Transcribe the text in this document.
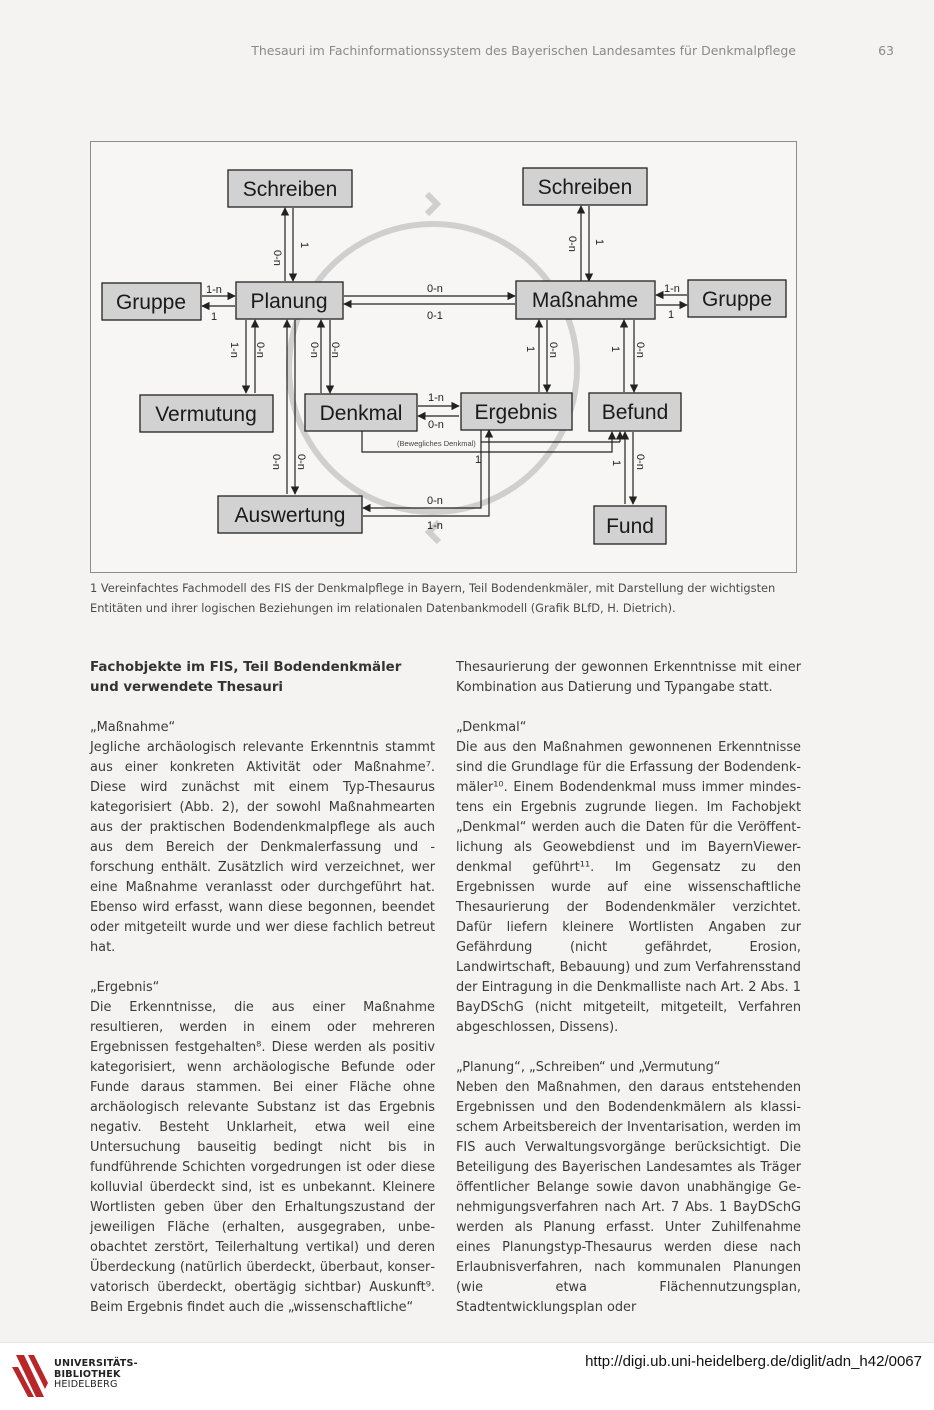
Thesauri im Fachinformationssystem des Bayerischen Landesamtes für Denkmalpflege	63
0-n
1	0-n 1
1-n
1
0-n
0-1
1-n
1
1-n 0-n	0-n 0-n	1 0-n	1 0-n
1-n
0-n
(Bewegliches Denkmal)
1
0-n 0-n
0-n
1-n
1 0-n
Schreiben	Schreiben
Gruppe	Planung	Maßnahme	Gruppe
Vermutung	Denkmal	Ergebnis Befund
Auswertung	Fund
1 Vereinfachtes Fachmodell des FIS der Denkmalpflege in Bayern, Teil Bodendenkmäler, mit Darstellung der wichtigsten
Entitäten und ihrer logischen Beziehungen im relationalen Datenbankmodell (Grafik BLfD, H. Dietrich).
Fachobjekte im FIS, Teil Bodendenkmäler
und verwendete Thesauri

„Maßnahme“

Jegliche archäologisch relevante Erkenntnis stammt aus einer konkreten Aktivität oder Maßnahme⁷. Diese wird zunächst mit einem Typ-Thesaurus kategorisiert (Abb. 2), der sowohl Maßnahmearten aus der praktischen Bodendenkmalpflege als auch aus dem Bereich der Denkmalerfassung und -forschung enthält. Zusätzlich wird verzeichnet, wer eine Maßnahme veranlasst oder durchgeführt hat. Ebenso wird erfasst, wann diese begonnen, beendet oder mitgeteilt wurde und wer diese fachlich betreut hat.

„Ergebnis“

Die Erkenntnisse, die aus einer Maßnahme resultieren, werden in einem oder mehreren Ergebnissen festgehalten⁸. Diese werden als positiv kategorisiert, wenn archäologische Befunde oder Funde daraus stammen. Bei einer Fläche ohne archäologisch relevante Substanz ist das Ergebnis negativ. Besteht Unklarheit, etwa weil eine Untersuchung bauseitig bedingt nicht bis in fundführende Schichten vorgedrungen ist oder diese kolluvial überdeckt sind, ist es unbekannt. Kleinere Wortlisten geben über den Erhaltungszustand der jeweiligen Fläche (erhalten, ausgegraben, unbeobachtet zerstört, Teilerhaltung vertikal) und deren Überdeckung (natürlich überdeckt, überbaut, konservatorisch überdeckt, obertägig sichtbar) Auskunft⁹. Beim Ergebnis findet auch die „wissenschaftliche“

Thesaurierung der gewonnen Erkenntnisse mit einer Kombination aus Datierung und Typangabe statt.

„Denkmal“

Die aus den Maßnahmen gewonnenen Erkenntnisse sind die Grundlage für die Erfassung der Bodendenkmäler¹⁰. Einem Bodendenkmal muss immer mindestens ein Ergebnis zugrunde liegen. Im Fachobjekt „Denkmal“ werden auch die Daten für die Veröffentlichung als Geowebdienst und im BayernViewer-denkmal geführt¹¹. Im Gegensatz zu den Ergebnissen wurde auf eine wissenschaftliche Thesaurierung der Bodendenkmäler verzichtet. Dafür liefern kleinere Wortlisten Angaben zur Gefährdung (nicht gefährdet, Erosion, Landwirtschaft, Bebauung) und zum Verfahrensstand der Eintragung in die Denkmalliste nach Art. 2 Abs. 1 BayDSchG (nicht mitgeteilt, mitgeteilt, Verfahren abgeschlossen, Dissens).

„Planung“, „Schreiben“ und „Vermutung“

Neben den Maßnahmen, den daraus entstehenden Ergebnissen und den Bodendenkmälern als klassischem Arbeitsbereich der Inventarisation, werden im FIS auch Verwaltungsvorgänge berücksichtigt. Die Beteiligung des Bayerischen Landesamtes als Träger öffentlicher Belange sowie davon unabhängige Genehmigungsverfahren nach Art. 7 Abs. 1 BayDSchG werden als Planung erfasst. Unter Zuhilfenahme eines Planungstyp-Thesaurus werden diese nach Erlaubnisverfahren, nach kommunalen Planungen (wie etwa Flächennutzungsplan, Stadtentwicklungsplan oder

UNIVERSITÄTS-
BIBLIOTHEK
HEIDELBERG
http://digi.ub.uni-heidelberg.de/diglit/adn_h42/0067
